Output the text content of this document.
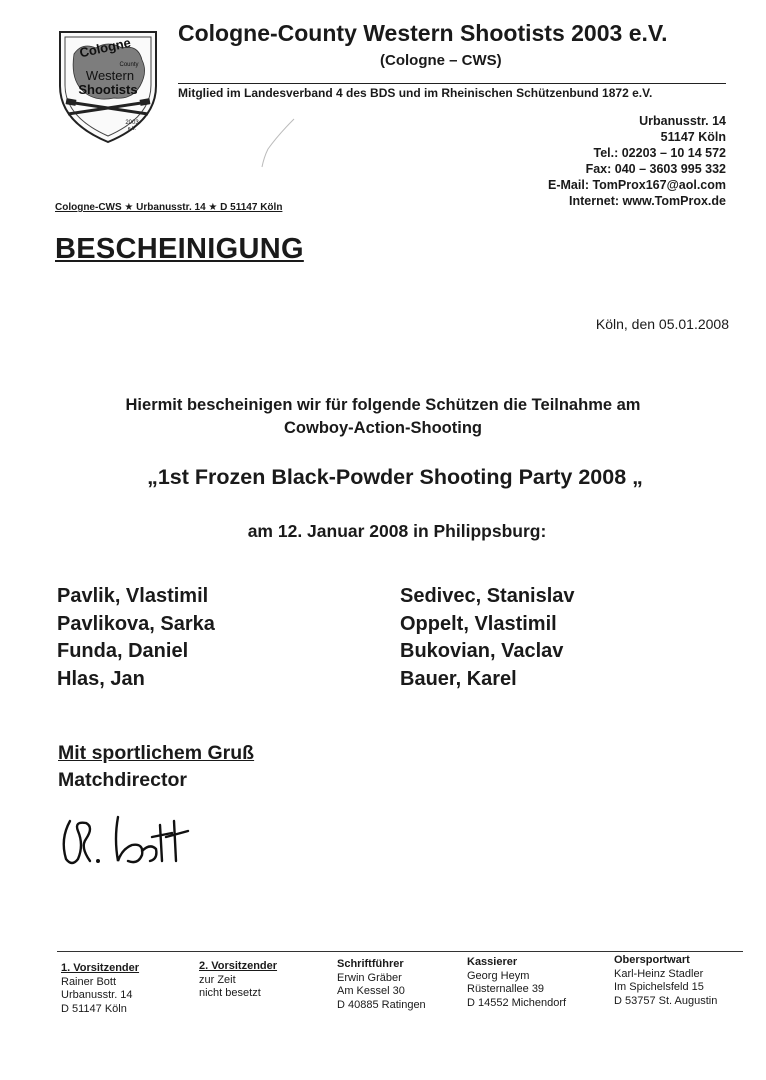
Cologne
County
Western
Shootists
2003
e.V.
Cologne-County Western Shootists 2003 e.V.
(Cologne – CWS)
Mitglied im Landesverband 4 des BDS und im Rheinischen Schützenbund 1872 e.V.
Urbanusstr. 14
51147 Köln
Tel.: 02203 – 10 14 572
Fax: 040 – 3603 995 332
E-Mail: TomProx167@aol.com
Internet: www.TomProx.de
Cologne-CWS ★ Urbanusstr. 14 ★ D 51147 Köln
BESCHEINIGUNG
Köln, den 05.01.2008
Hiermit bescheinigen wir für folgende Schützen die Teilnahme am
Cowboy-Action-Shooting
„1st Frozen Black-Powder Shooting Party 2008 „
am 12. Januar 2008 in Philippsburg:
Pavlik, Vlastimil
Pavlikova, Sarka
Funda, Daniel
Hlas, Jan
Sedivec, Stanislav
Oppelt, Vlastimil
Bukovian, Vaclav
Bauer, Karel
Mit sportlichem Gruß
Matchdirector
1. Vorsitzender
Rainer Bott
Urbanusstr. 14
D 51147 Köln
2. Vorsitzender
zur Zeit
nicht besetzt
Schriftführer
Erwin Gräber
Am Kessel 30
D 40885 Ratingen
Kassierer
Georg Heym
Rüsternallee 39
D 14552 Michendorf
Obersportwart
Karl-Heinz Stadler
Im Spichelsfeld 15
D 53757 St. Augustin
